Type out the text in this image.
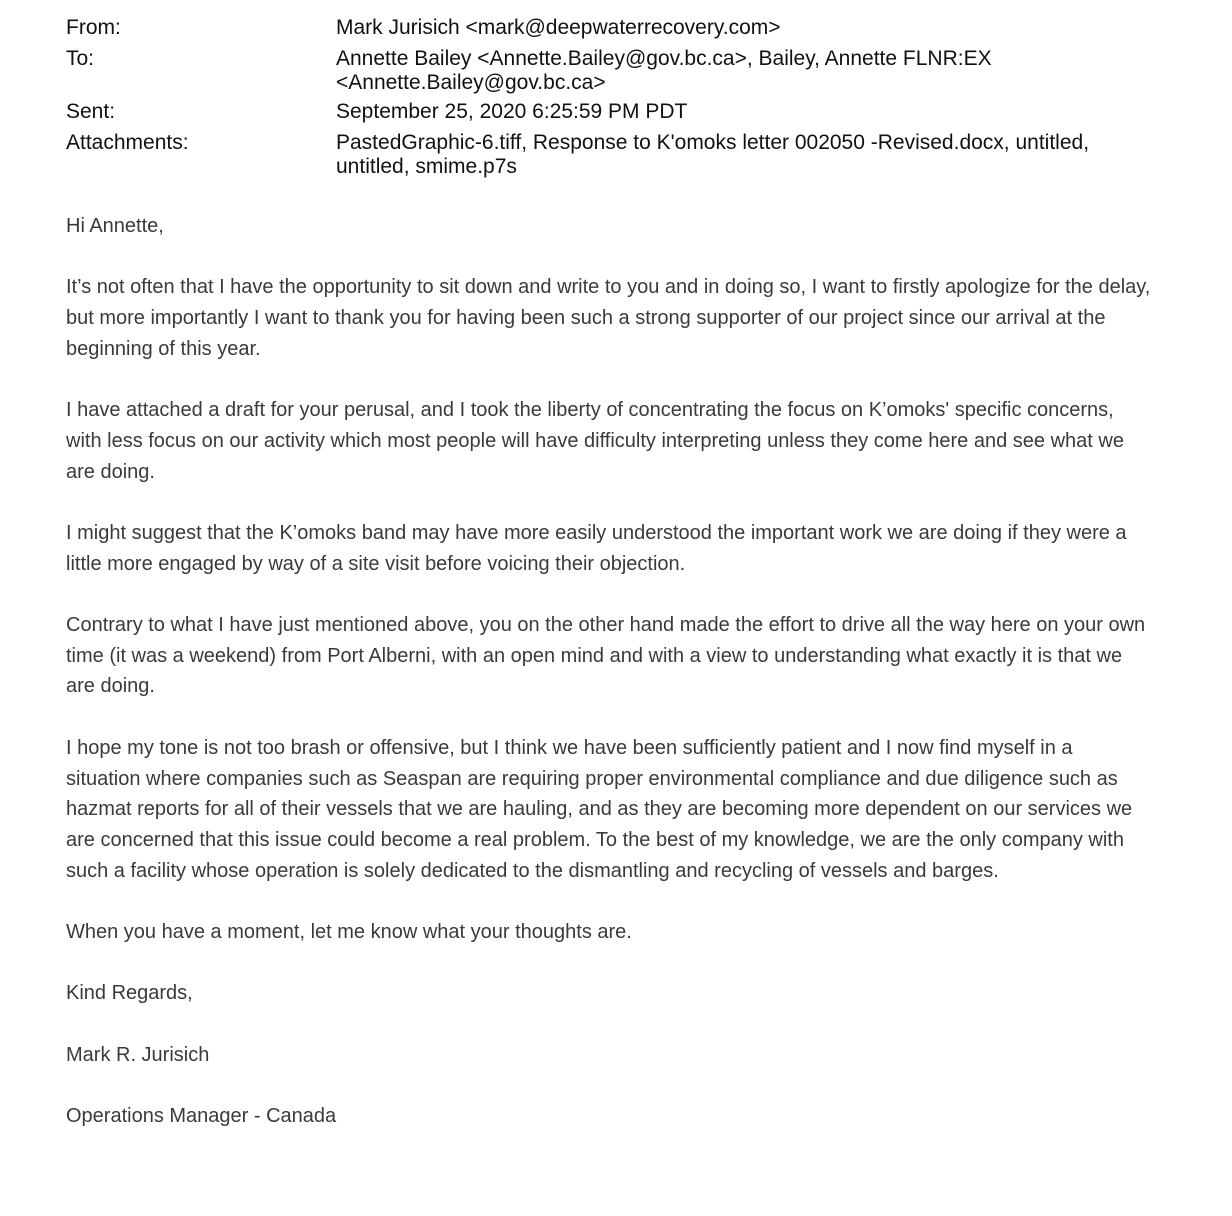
From:	Mark Jurisich <mark@deepwaterrecovery.com>
To:	Annette Bailey <Annette.Bailey@gov.bc.ca>, Bailey, Annette FLNR:EX
<Annette.Bailey@gov.bc.ca>
Sent:	September 25, 2020 6:25:59 PM PDT
Attachments:	PastedGraphic-6.tiff, Response to K'omoks letter 002050 -Revised.docx, untitled,
untitled, smime.p7s

Hi Annette,

It’s not often that I have the opportunity to sit down and write to you and in doing so, I want to firstly apologize for the delay, but more importantly I want to thank you for having been such a strong supporter of our project since our arrival at the beginning of this year.

I have attached a draft for your perusal, and I took the liberty of concentrating the focus on K’omoks' specific concerns, with less focus on our activity which most people will have difficulty interpreting unless they come here and see what we are doing.

I might suggest that the K’omoks band may have more easily understood the important work we are doing if they were a little more engaged by way of a site visit before voicing their objection.

Contrary to what I have just mentioned above, you on the other hand made the effort to drive all the way here on your own time (it was a weekend) from Port Alberni, with an open mind and with a view to understanding what exactly it is that we are doing.

I hope my tone is not too brash or offensive, but I think we have been sufficiently patient and I now find myself in a situation where companies such as Seaspan are requiring proper environmental compliance and due diligence such as hazmat reports for all of their vessels that we are hauling, and as they are becoming more dependent on our services we are concerned that this issue could become a real problem. To the best of my knowledge, we are the only company with such a facility whose operation is solely dedicated to the dismantling and recycling of vessels and barges.

When you have a moment, let me know what your thoughts are.

Kind Regards,

Mark R. Jurisich

Operations Manager - Canada
